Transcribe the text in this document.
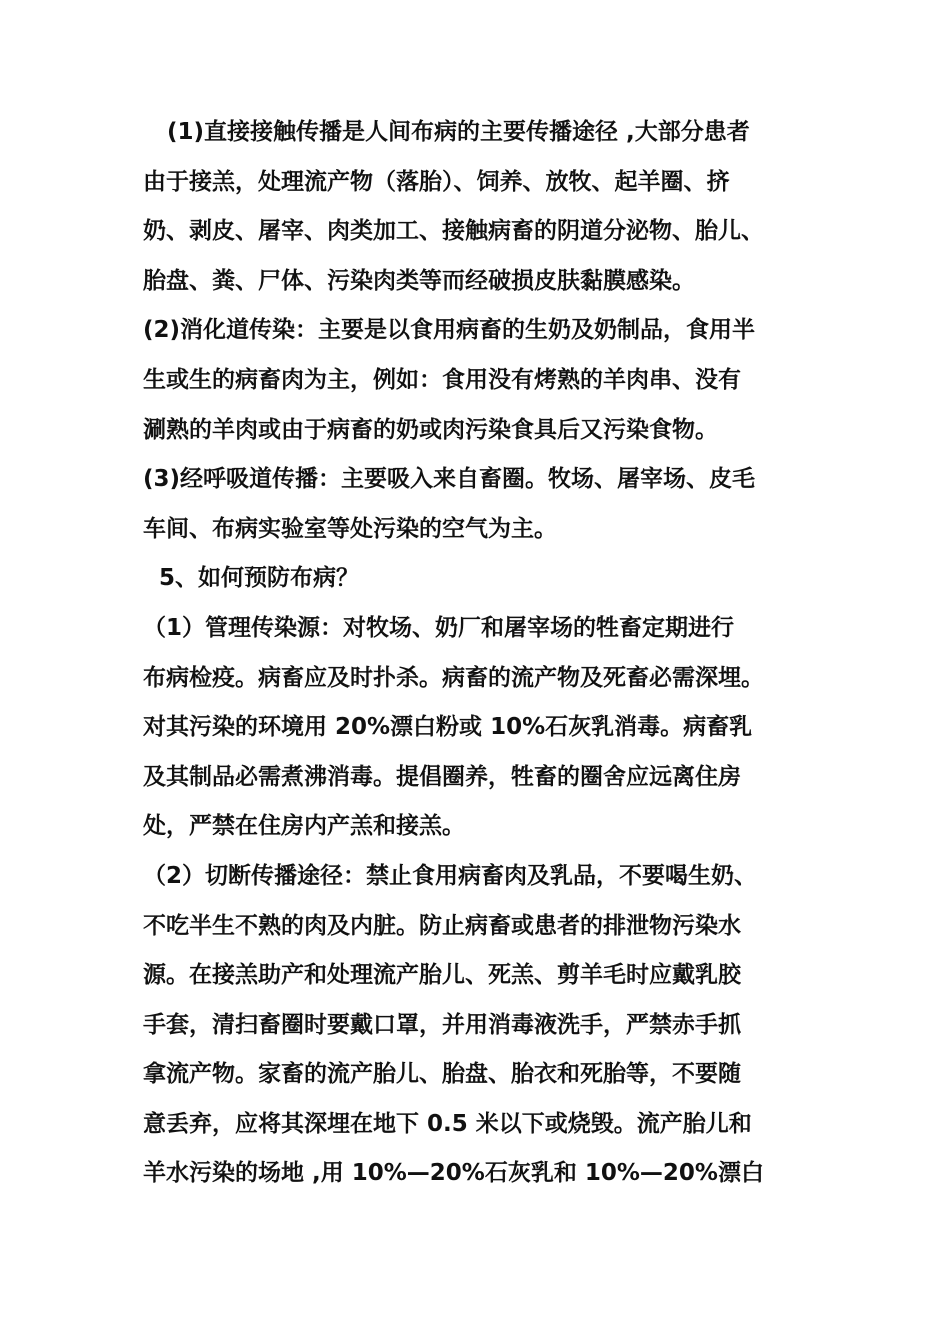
(1)直接接触传播是人间布病的主要传播途径 ,大部分患者
由于接羔，处理流产物（落胎）、饲养、放牧、起羊圈、挤
奶、剥皮、屠宰、肉类加工、接触病畜的阴道分泌物、胎儿、
胎盘、粪、尸体、污染肉类等而经破损皮肤黏膜感染。
(2)消化道传染：主要是以食用病畜的生奶及奶制品，食用半
生或生的病畜肉为主，例如：食用没有烤熟的羊肉串、没有
涮熟的羊肉或由于病畜的奶或肉污染食具后又污染食物。
(3)经呼吸道传播：主要吸入来自畜圈。牧场、屠宰场、皮毛
车间、布病实验室等处污染的空气为主。
5、如何预防布病？
（1）管理传染源：对牧场、奶厂和屠宰场的牲畜定期进行
布病检疫。病畜应及时扑杀。病畜的流产物及死畜必需深埋。
对其污染的环境用 20%漂白粉或 10%石灰乳消毒。病畜乳
及其制品必需煮沸消毒。提倡圈养，牲畜的圈舍应远离住房
处，严禁在住房内产羔和接羔。
（2）切断传播途径：禁止食用病畜肉及乳品，不要喝生奶、
不吃半生不熟的肉及内脏。防止病畜或患者的排泄物污染水
源。在接羔助产和处理流产胎儿、死羔、剪羊毛时应戴乳胶
手套，清扫畜圈时要戴口罩，并用消毒液洗手，严禁赤手抓
拿流产物。家畜的流产胎儿、胎盘、胎衣和死胎等，不要随
意丢弃，应将其深埋在地下 0.5 米以下或烧毁。流产胎儿和
羊水污染的场地 ,用 10%—20%石灰乳和 10%—20%漂白
